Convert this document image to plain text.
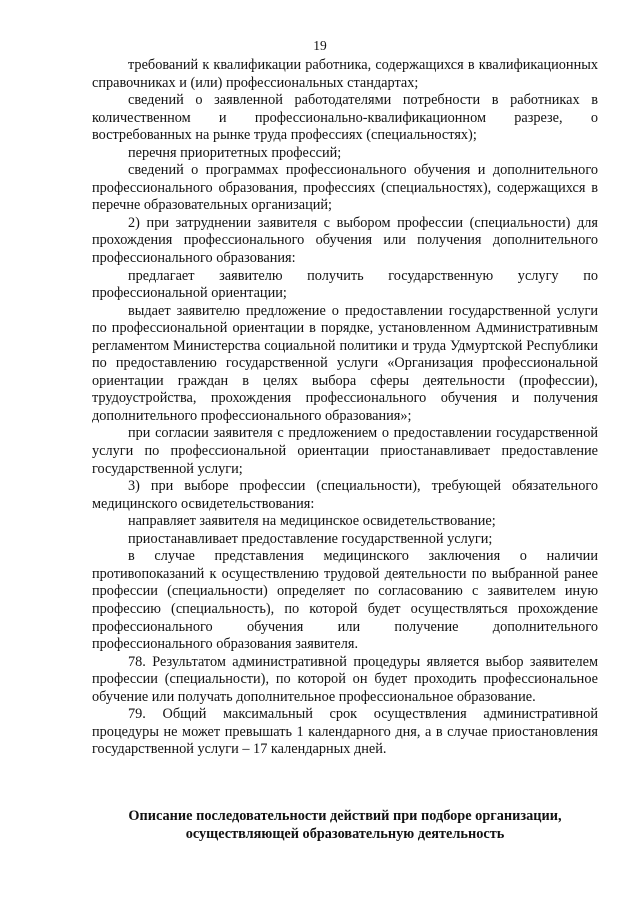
19

требований к квалификации работника, содержащихся в квалификационных справочниках и (или) профессиональных стандартах;

сведений о заявленной работодателями потребности в работниках в количественном и профессионально-квалификационном разрезе, о востребованных на рынке труда профессиях (специальностях);

перечня приоритетных профессий;

сведений о программах профессионального обучения и дополнительного профессионального образования, профессиях (специальностях), содержащихся в перечне образовательных организаций;

2) при затруднении заявителя с выбором профессии (специальности) для прохождения профессионального обучения или получения дополнительного профессионального образования:

предлагает заявителю получить государственную услугу по профессиональной ориентации;

выдает заявителю предложение о предоставлении государственной услуги по профессиональной ориентации в порядке, установленном Административным регламентом Министерства социальной политики и труда Удмуртской Республики по предоставлению государственной услуги «Организация профессиональной ориентации граждан в целях выбора сферы деятельности (профессии), трудоустройства, прохождения профессионального обучения и получения дополнительного профессионального образования»;

при согласии заявителя с предложением о предоставлении государственной услуги по профессиональной ориентации приостанавливает предоставление государственной услуги;

3) при выборе профессии (специальности), требующей обязательного медицинского освидетельствования:

направляет заявителя на медицинское освидетельствование;

приостанавливает предоставление государственной услуги;

в случае представления медицинского заключения о наличии противопоказаний к осуществлению трудовой деятельности по выбранной ранее профессии (специальности) определяет по согласованию с заявителем иную профессию (специальность), по которой будет осуществляться прохождение профессионального обучения или получение дополнительного профессионального образования заявителя.

78. Результатом административной процедуры является выбор заявителем профессии (специальности), по которой он будет проходить профессиональное обучение или получать дополнительное профессиональное образование.

79. Общий максимальный срок осуществления административной процедуры не может превышать 1 календарного дня, а в случае приостановления государственной услуги – 17 календарных дней.

Описание последовательности действий при подборе организации,
осуществляющей образовательную деятельность
